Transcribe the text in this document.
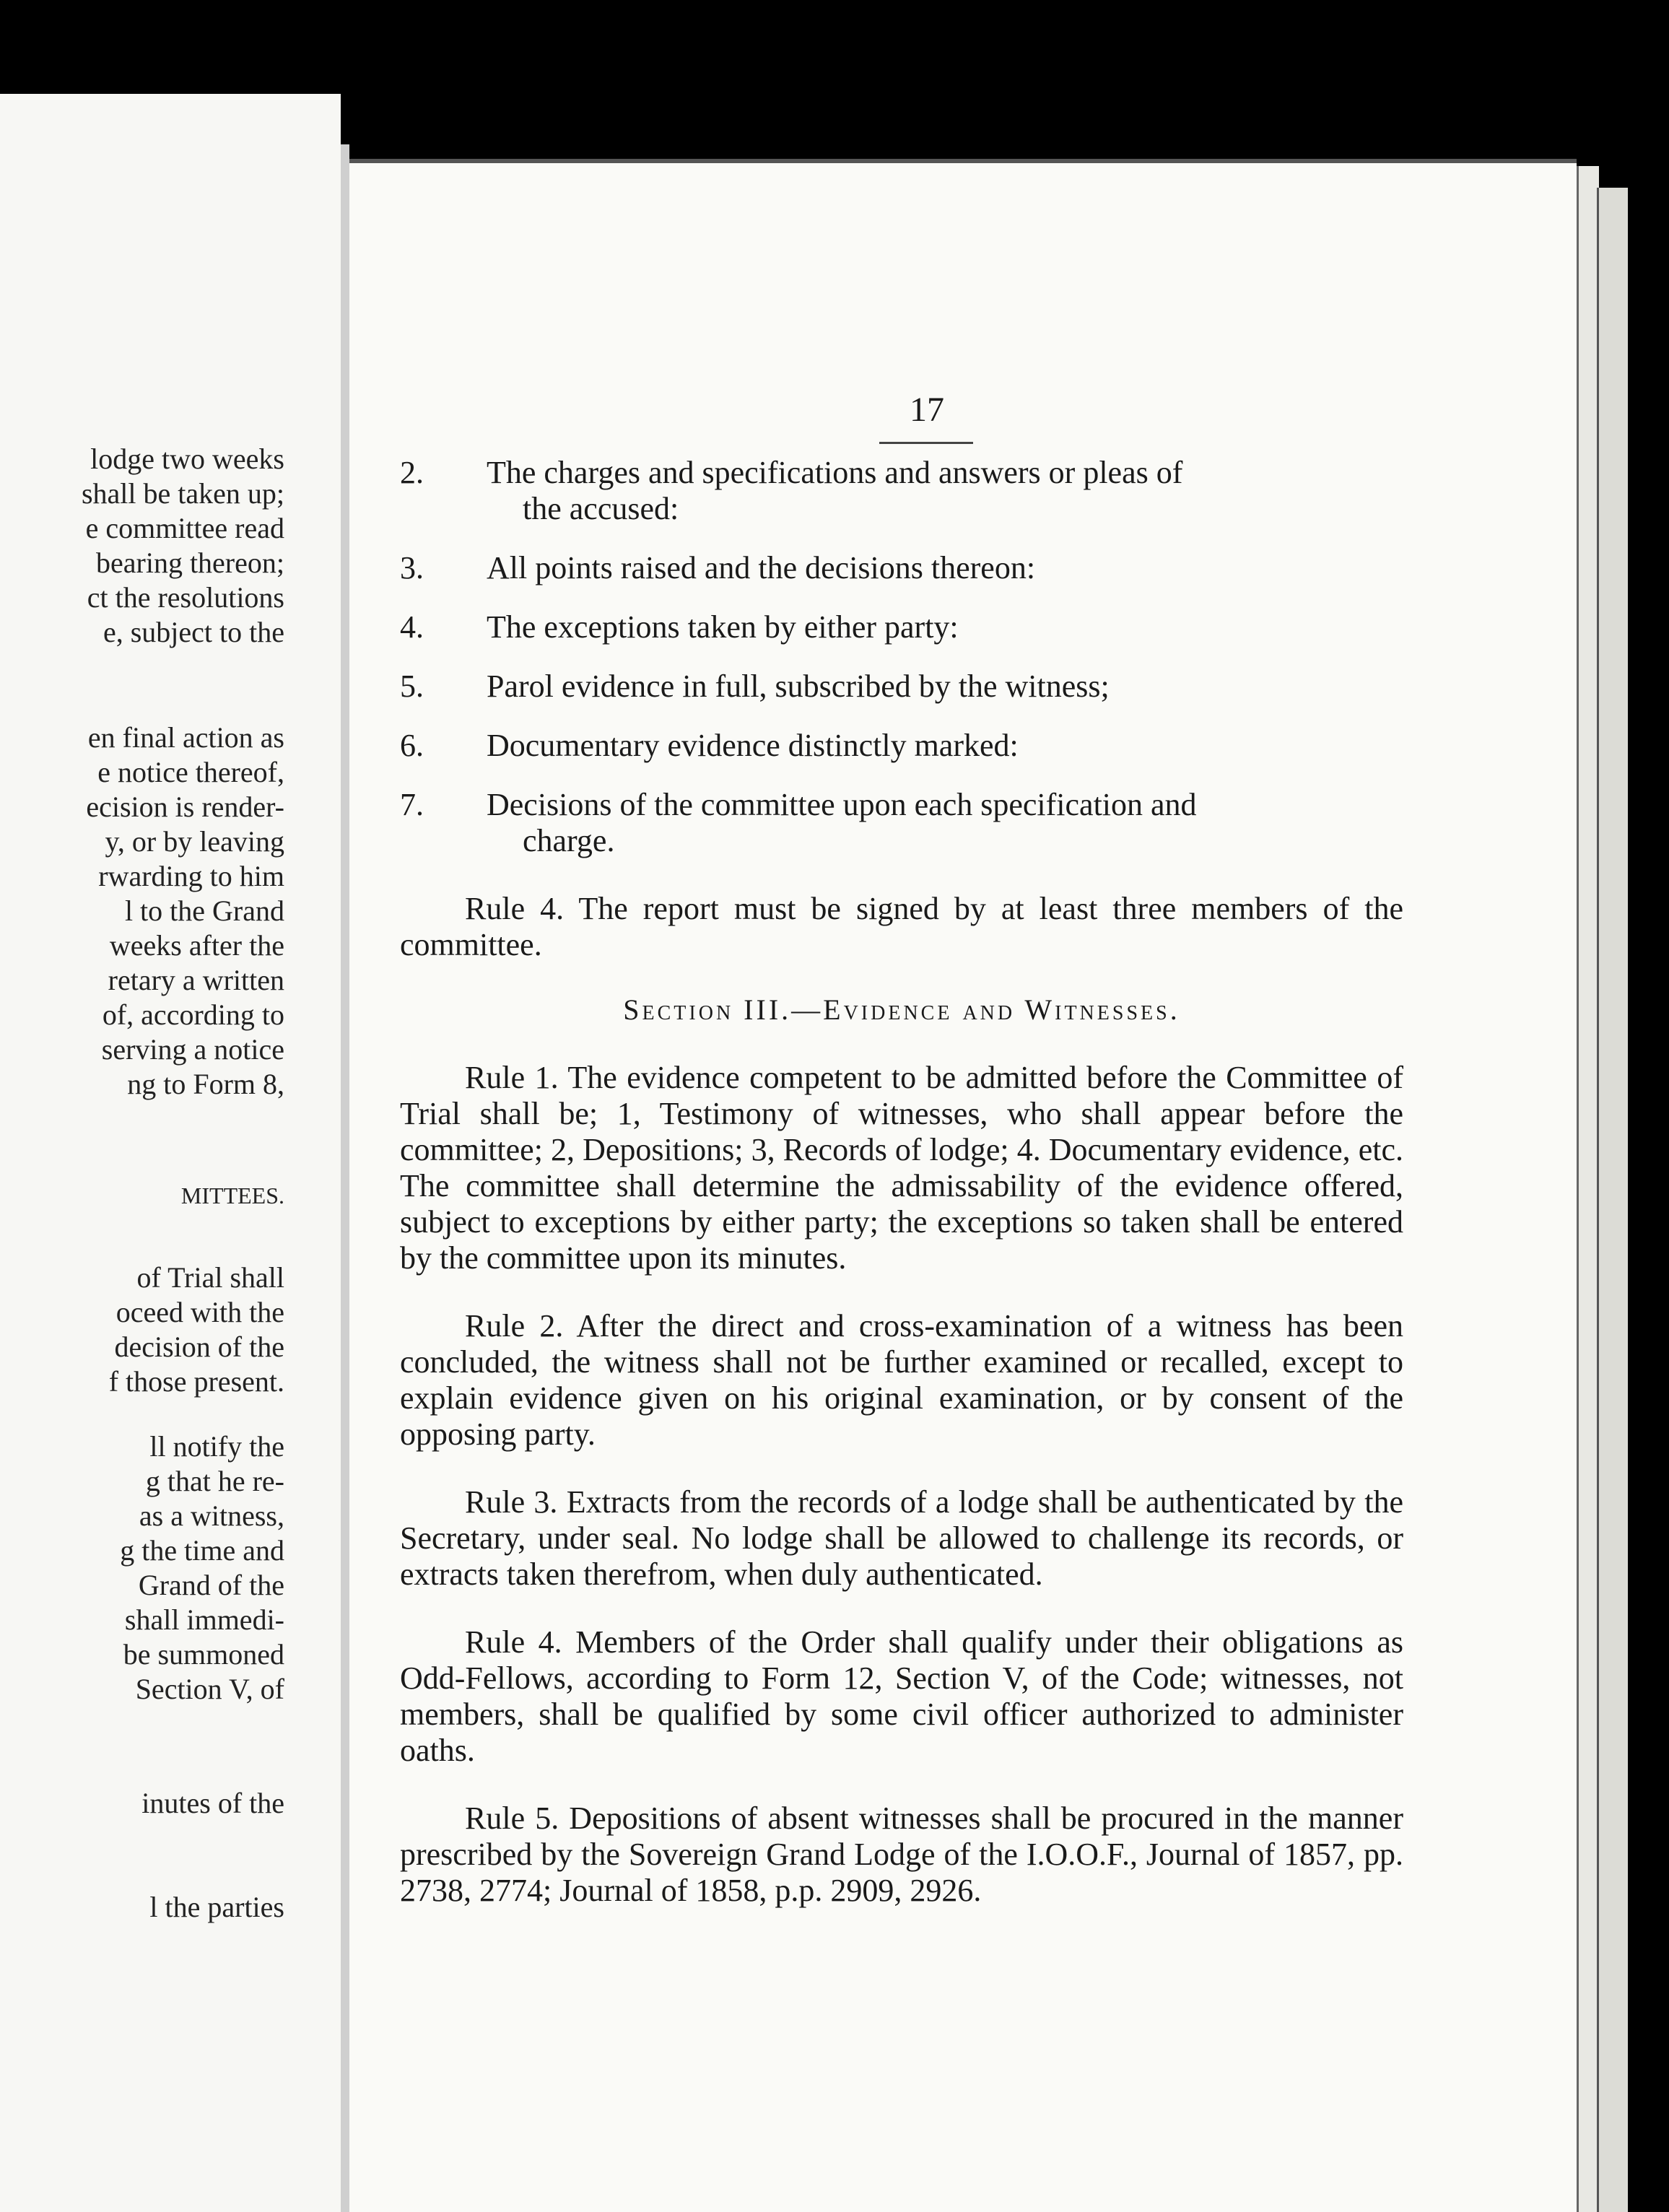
lodge two weeks
shall be taken up;
e committee read
bearing thereon;
ct the resolutions
e, subject to the
en final action as
e notice thereof,
ecision is render-
y, or by leaving
rwarding to him
l to the Grand
weeks after the
retary a written
of, according to
serving a notice
ng to Form 8,
MITTEES.
of Trial shall
oceed with the
decision of the
f those present.
ll notify the
g that he re-
as a witness,
g the time and
Grand of the
shall immedi-
be summoned
Section V, of
inutes of the
l the parties
17
2. The charges and specifications and answers or pleas of
the accused:
3. All points raised and the decisions thereon:
4. The exceptions taken by either party:
5. Parol evidence in full, subscribed by the witness;
6. Documentary evidence distinctly marked:
7. Decisions of the committee upon each specification and
charge.

Rule 4. The report must be signed by at least three members of the committee.

Section III.—Evidence and Witnesses.

Rule 1. The evidence competent to be admitted before the Committee of Trial shall be; 1, Testimony of witnesses, who shall appear before the committee; 2, Depositions; 3, Records of lodge; 4. Documentary evidence, etc. The committee shall determine the admissability of the evidence offered, subject to exceptions by either party; the exceptions so taken shall be entered by the committee upon its minutes.

Rule 2. After the direct and cross-examination of a witness has been concluded, the witness shall not be further examined or recalled, except to explain evidence given on his original examination, or by consent of the opposing party.

Rule 3. Extracts from the records of a lodge shall be authenticated by the Secretary, under seal. No lodge shall be allowed to challenge its records, or extracts taken therefrom, when duly authenticated.

Rule 4. Members of the Order shall qualify under their obligations as Odd-Fellows, according to Form 12, Section V, of the Code; witnesses, not members, shall be qualified by some civil officer authorized to administer oaths.

Rule 5. Depositions of absent witnesses shall be procured in the manner prescribed by the Sovereign Grand Lodge of the I.O.O.F., Journal of 1857, pp. 2738, 2774; Journal of 1858, p.p. 2909, 2926.
